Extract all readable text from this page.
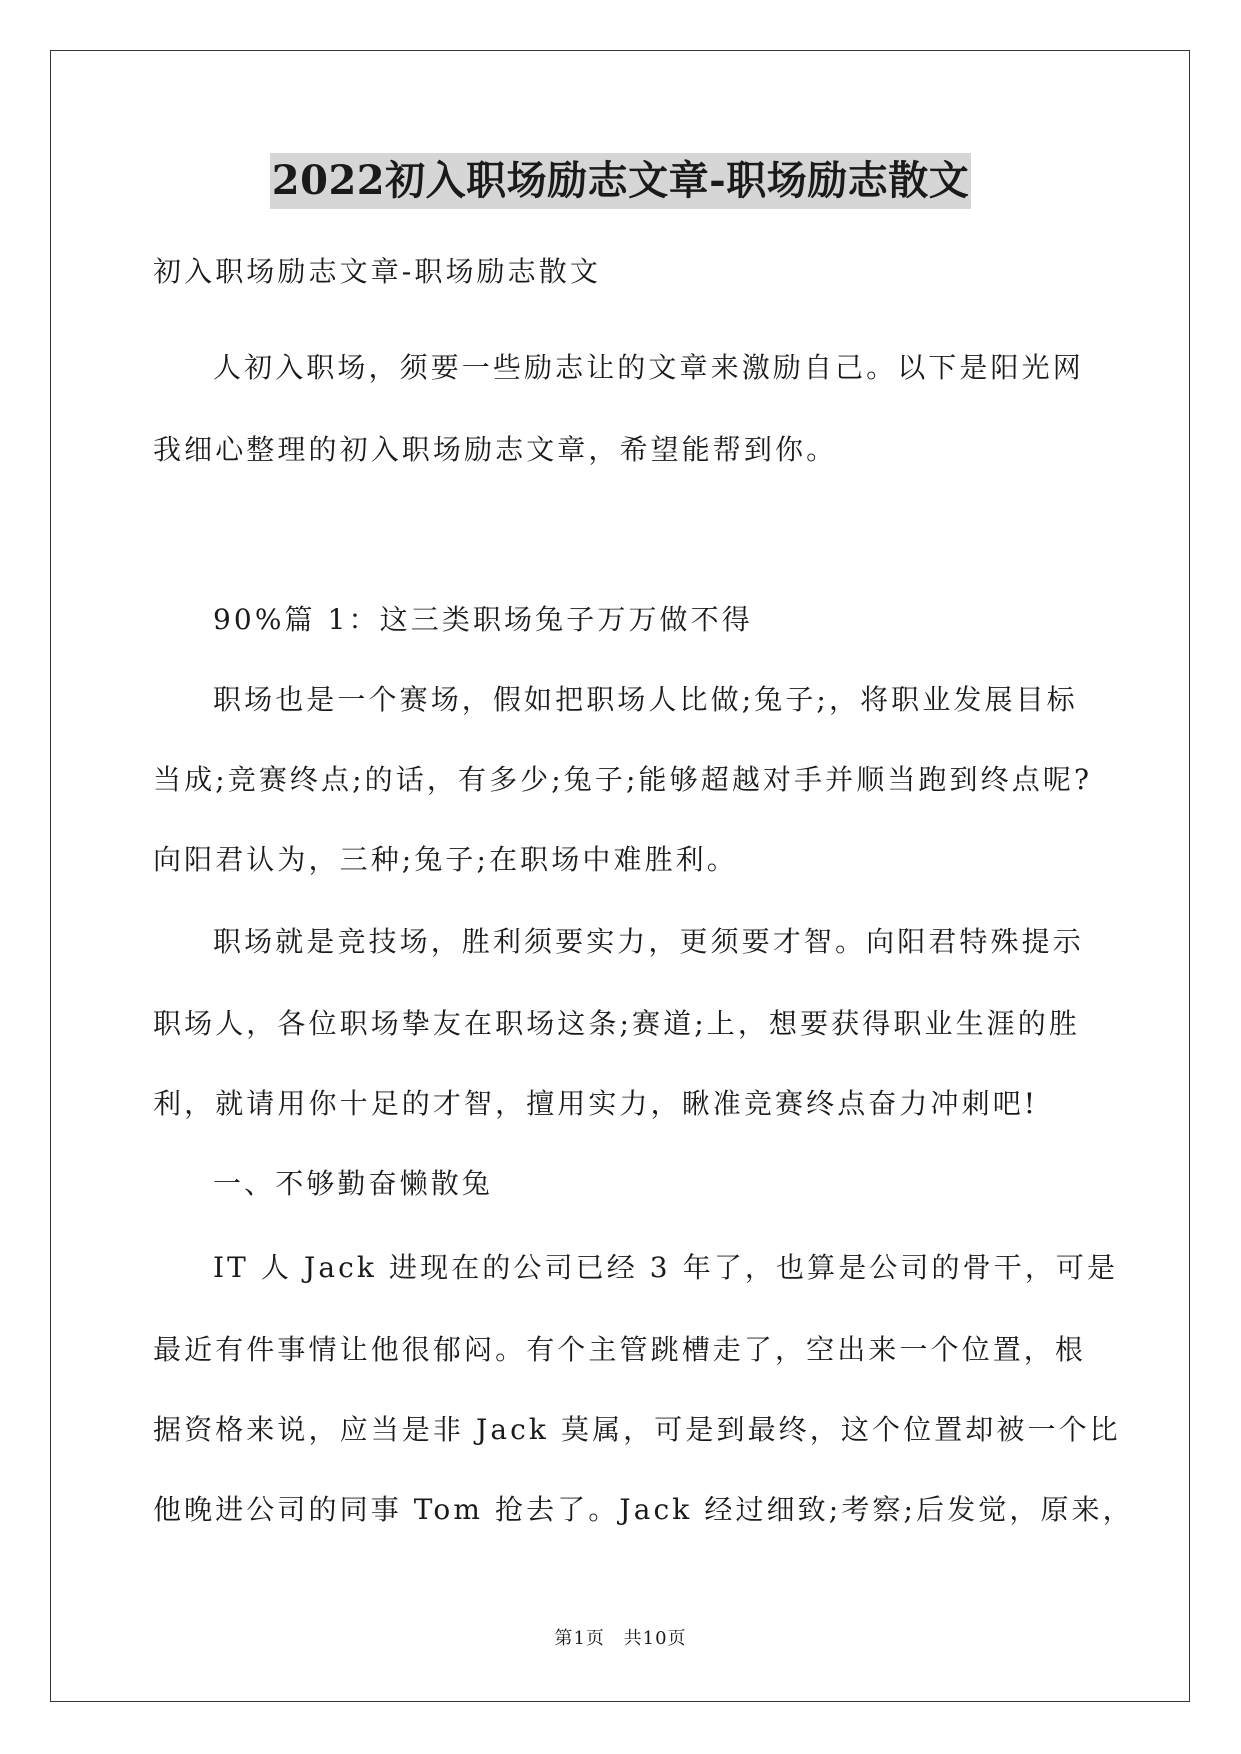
2022初入职场励志文章-职场励志散文
初入职场励志文章-职场励志散文
人初入职场，须要一些励志让的文章来激励自己。以下是阳光网
我细心整理的初入职场励志文章，希望能帮到你。
90%篇 1：这三类职场兔子万万做不得
职场也是一个赛场，假如把职场人比做;兔子;，将职业发展目标
当成;竞赛终点;的话，有多少;兔子;能够超越对手并顺当跑到终点呢?
向阳君认为，三种;兔子;在职场中难胜利。
职场就是竞技场，胜利须要实力，更须要才智。向阳君特殊提示
职场人，各位职场挚友在职场这条;赛道;上，想要获得职业生涯的胜
利，就请用你十足的才智，擅用实力，瞅准竞赛终点奋力冲刺吧!
一、不够勤奋懒散兔
IT 人 Jack 进现在的公司已经 3 年了，也算是公司的骨干，可是
最近有件事情让他很郁闷。有个主管跳槽走了，空出来一个位置，根
据资格来说，应当是非 Jack 莫属，可是到最终，这个位置却被一个比
他晚进公司的同事 Tom 抢去了。Jack 经过细致;考察;后发觉，原来，
第1页 共10页
